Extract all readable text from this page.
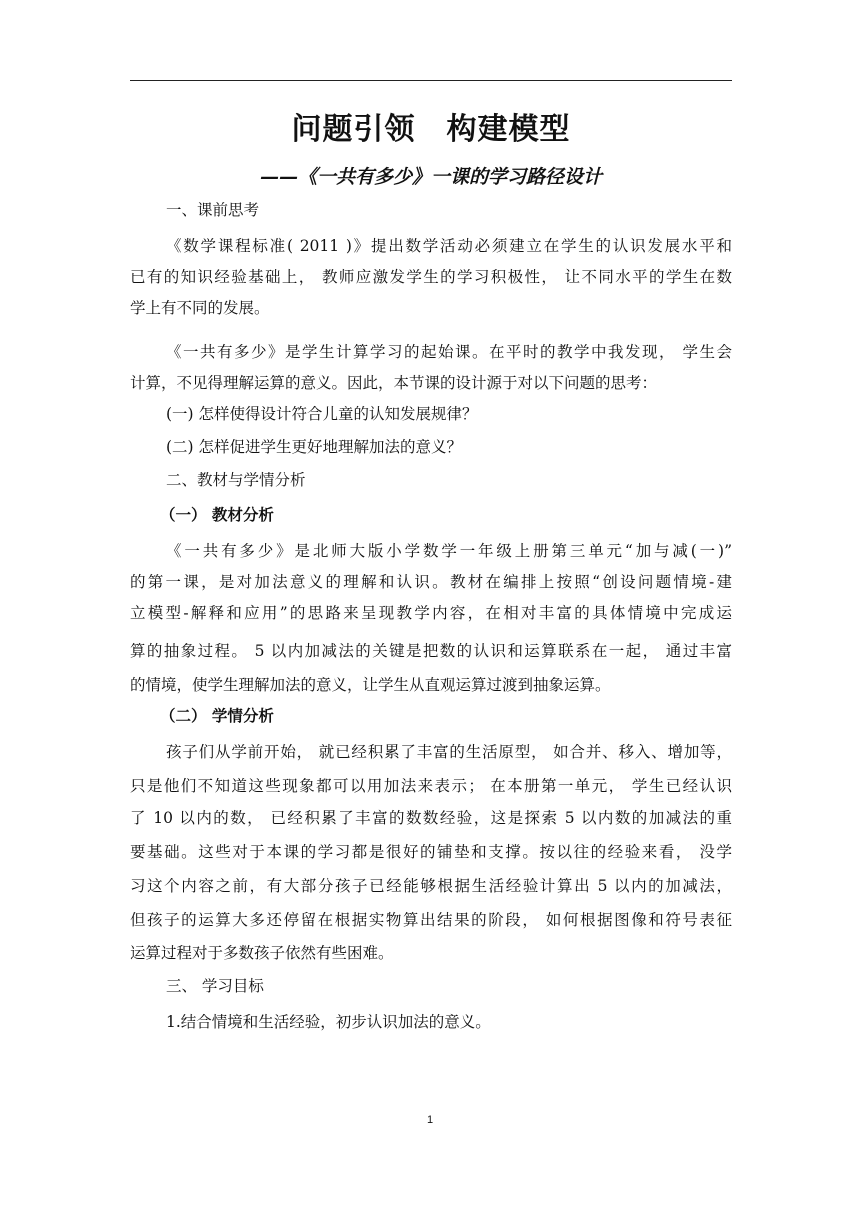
问题引领　构建模型
——《一共有多少》一课的学习路径设计
一、课前思考
《数学课程标准( 2011 )》提出数学活动必须建立在学生的认识发展水平和
已有的知识经验基础上， 教师应激发学生的学习积极性， 让不同水平的学生在数
学上有不同的发展。
《一共有多少》是学生计算学习的起始课。在平时的教学中我发现， 学生会
计算，不见得理解运算的意义。因此，本节课的设计源于对以下问题的思考：
(一) 怎样使得设计符合儿童的认知发展规律？
(二) 怎样促进学生更好地理解加法的意义？
二、教材与学情分析
（一） 教材分析
《一共有多少》是北师大版小学数学一年级上册第三单元“加与减(一)”
的第一课，是对加法意义的理解和认识。教材在编排上按照“创设问题情境-建
立模型-解释和应用”的思路来呈现教学内容，在相对丰富的具体情境中完成运
算的抽象过程。 5 以内加减法的关键是把数的认识和运算联系在一起， 通过丰富
的情境，使学生理解加法的意义，让学生从直观运算过渡到抽象运算。
（二） 学情分析
孩子们从学前开始， 就已经积累了丰富的生活原型， 如合并、移入、增加等，
只是他们不知道这些现象都可以用加法来表示； 在本册第一单元， 学生已经认识
了 10 以内的数， 已经积累了丰富的数数经验，这是探索 5 以内数的加减法的重
要基础。这些对于本课的学习都是很好的铺垫和支撑。按以往的经验来看， 没学
习这个内容之前，有大部分孩子已经能够根据生活经验计算出 5 以内的加减法，
但孩子的运算大多还停留在根据实物算出结果的阶段， 如何根据图像和符号表征
运算过程对于多数孩子依然有些困难。
三、 学习目标
1.结合情境和生活经验，初步认识加法的意义。
1
